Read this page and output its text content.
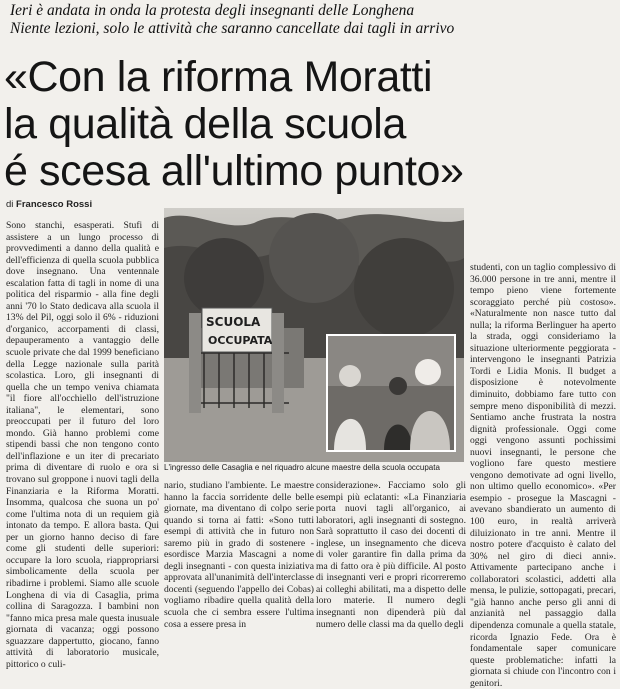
Ieri è andata in onda la protesta degli insegnanti delle Longhena
Niente lezioni, solo le attività che saranno cancellate dai tagli in arrivo
«Con la riforma Moratti
la qualità della scuola
é scesa all'ultimo punto»
di Francesco Rossi
Sono stanchi, esasperati. Stufi di assistere a un lungo processo di provvedimenti a danno della qualità e dell'efficienza di quella scuola pubblica dove insegnano. Una ventennale escalation fatta di tagli in nome di una politica del risparmio - alla fine degli anni '70 lo Stato dedicava alla scuola il 13% del Pil, oggi solo il 6% - riduzioni d'organico, accorpamenti di classi, depauperamento a vantaggio delle scuole private che dal 1999 beneficiano della Legge nazionale sulla parità scolastica. Loro, gli insegnanti di quella che un tempo veniva chiamata "il fiore all'occhiello dell'istruzione italiana", le elementari, sono preoccupati per il futuro del loro mondo. Già hanno problemi come stipendi bassi che non tengono conto dell'inflazione e un iter di precariato prima di diventare di ruolo e ora si trovano sul groppone i nuovi tagli della Finanziaria e la Riforma Moratti. Insomma, qualcosa che suona un po' come l'ultima nota di un requiem già intonato da tempo. E allora basta. Qui per un giorno hanno deciso di fare come gli studenti delle superiori: occupare la loro scuola, riappropriarsi simbolicamente della scuola per ribadirne i problemi. Siamo alle scuole Longhena di via di Casaglia, prima collina di Saragozza. I bambini non "fanno mica presa male questa inusuale giornata di vacanza; oggi possono sguazzare dappertutto, giocano, fanno attività di laboratorio musicale, pittorico o culi-
SCUOLA
OCCUPATA
L'ingresso delle Casaglia e nel riquadro alcune maestre della scuola occupata
nario, studiano l'ambiente. Le maestre hanno la faccia sorridente delle belle giornate, ma diventano di colpo serie quando si torna ai fatti: «Sono tutti esempi di attività che in futuro non saremo più in grado di sostenere - esordisce Marzia Mascagni a nome degli insegnanti - con questa iniziativa approvata all'unanimità dell'interclasse docenti (seguendo l'appello dei Cobas) vogliamo ribadire quella qualità della scuola che ci sembra essere l'ultima cosa a essere presa in
considerazione». Facciamo solo gli esempi più eclatanti: «La Finanziaria porta nuovi tagli all'organico, ai laboratori, agli insegnanti di sostegno. Sarà soprattutto il caso dei docenti di inglese, un insegnamento che diceva di voler garantire fin dalla prima da ma di fatto ora è più difficile. Al posto di insegnanti veri e propri ricorreremo ai colleghi abilitati, ma a dispetto delle loro materie. Il numero degli insegnanti non dipenderà più dal numero delle classi ma da quello degli
studenti, con un taglio complessivo di 36.000 persone in tre anni, mentre il tempo pieno viene fortemente scoraggiato perché più costoso». «Naturalmente non nasce tutto dal nulla; la riforma Berlinguer ha aperto la strada, oggi consideriamo la situazione ulteriormente peggiorata - intervengono le insegnanti Patrizia Tordi e Lidia Monis. Il budget a disposizione è notevolmente diminuito, dobbiamo fare tutto con sempre meno disponibilità di mezzi. Sentiamo anche frustrata la nostra dignità professionale. Oggi come oggi vengono assunti pochissimi nuovi insegnanti, le persone che vogliono fare questo mestiere vengono demotivate ad ogni livello, non ultimo quello economico». «Per esempio - prosegue la Mascagni - avevano sbandierato un aumento di 100 euro, in realtà arriverà diluizionato in tre anni. Mentre il nostro potere d'acquisto è calato del 30% nel giro di dieci anni». Attivamente partecipano anche i collaboratori scolastici, addetti alla mensa, le pulizie, sottopagati, precari, "già hanno anche perso gli anni di anzianità nel passaggio dalla dipendenza comunale a quella statale, ricorda Ignazio Fede. Ora è fondamentale saper comunicare queste problematiche: infatti la giornata si chiude con l'incontro con i genitori.
